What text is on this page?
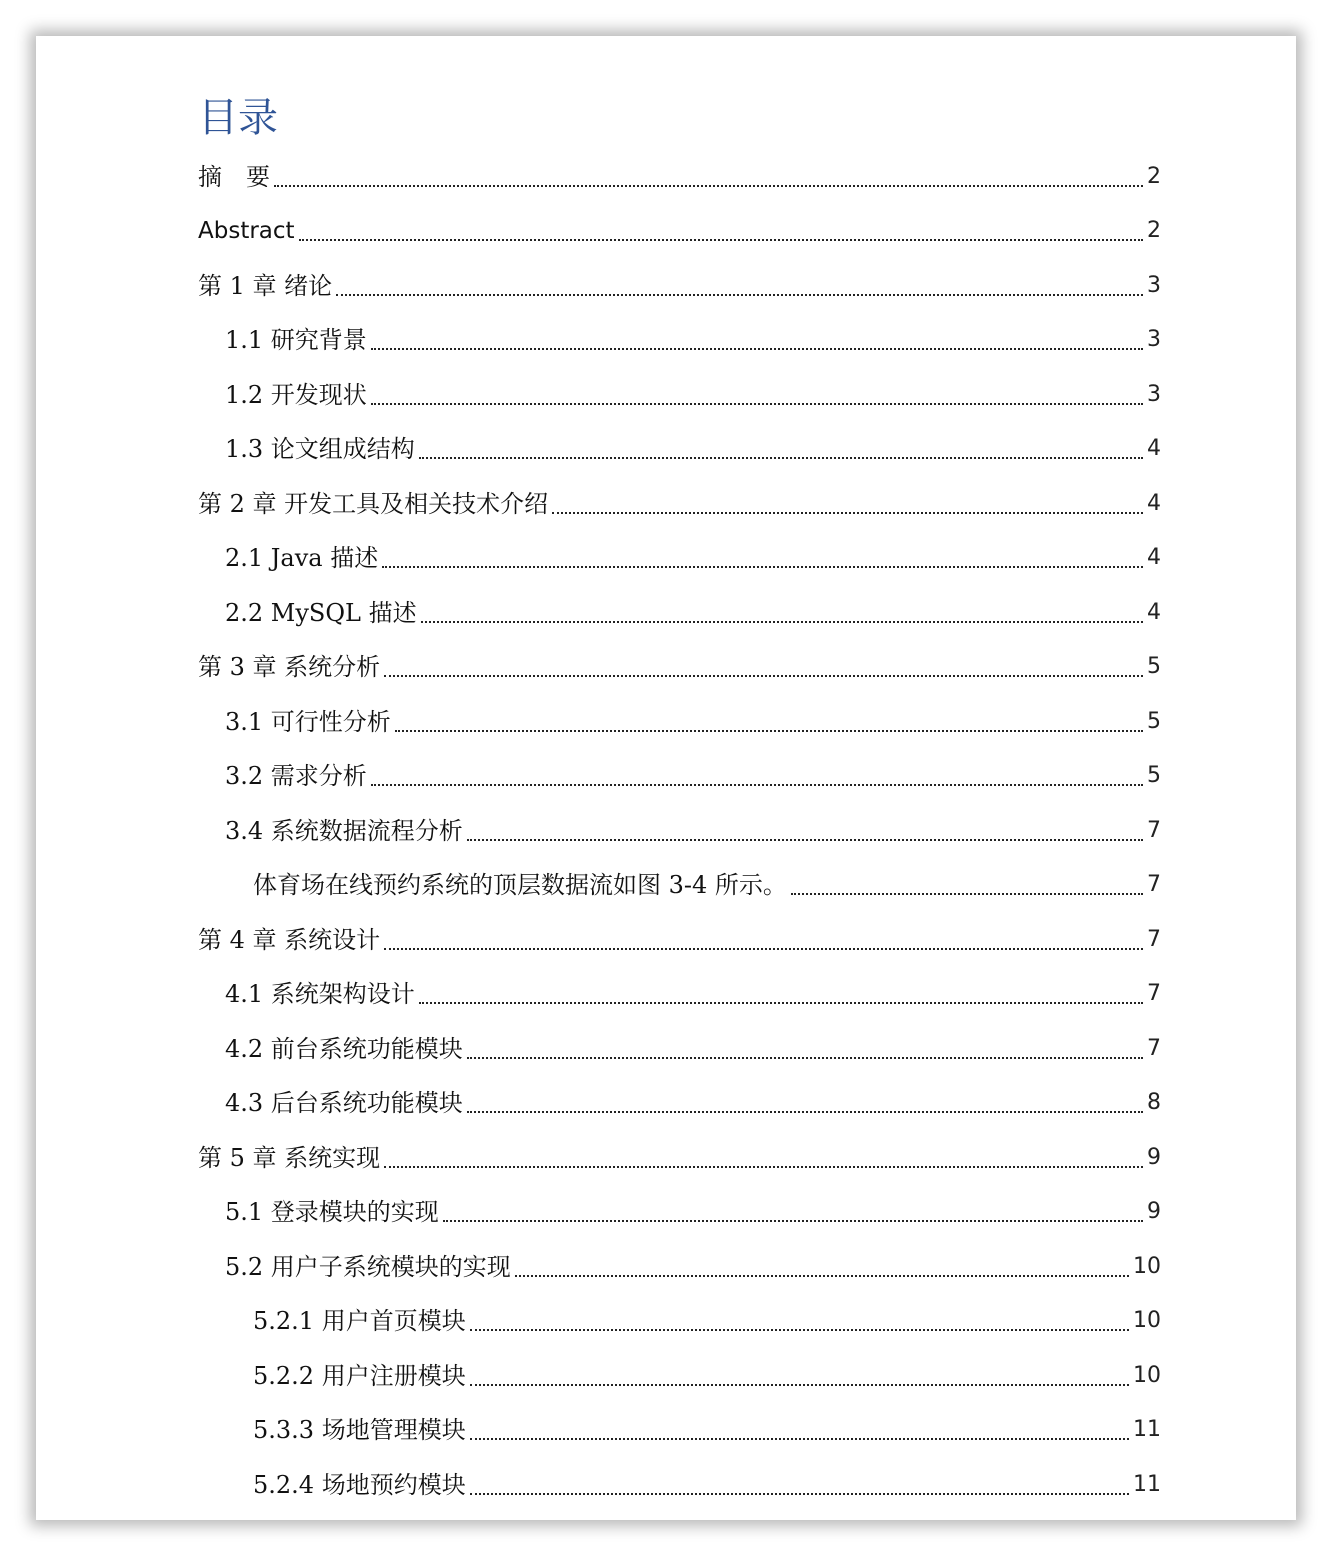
目录
摘　要	2
Abstract	2
第 1 章 绪论	3
1.1 研究背景	3
1.2 开发现状	3
1.3 论文组成结构	4
第 2 章 开发工具及相关技术介绍	4
2.1 Java 描述	4
2.2 MySQL 描述	4
第 3 章 系统分析	5
3.1 可行性分析	5
3.2 需求分析	5
3.4 系统数据流程分析	7
体育场在线预约系统的顶层数据流如图 3-4 所示。	7
第 4 章 系统设计	7
4.1 系统架构设计	7
4.2 前台系统功能模块	7
4.3 后台系统功能模块	8
第 5 章 系统实现	9
5.1 登录模块的实现	9
5.2 用户子系统模块的实现	10
5.2.1 用户首页模块	10
5.2.2 用户注册模块	10
5.3.3 场地管理模块	11
5.2.4 场地预约模块	11
